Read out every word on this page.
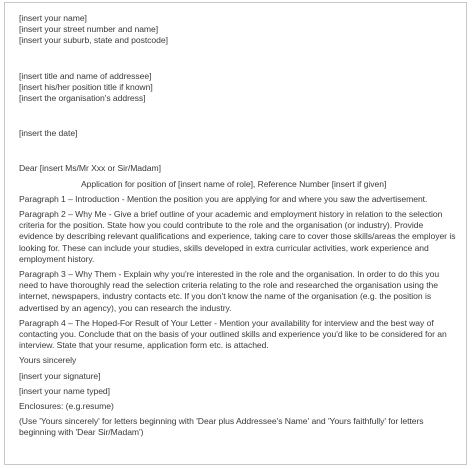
[insert your name]
[insert your street number and name]
[insert your suburb, state and postcode]
[insert title and name of addressee]
[insert his/her position title if known]
[insert the organisation's address]
[insert the date]
Dear [insert Ms/Mr Xxx or Sir/Madam]
Application for position of [insert name of role], Reference Number [insert if given]

Paragraph 1 – Introduction - Mention the position you are applying for and where you saw the advertisement.

Paragraph 2 – Why Me - Give a brief outline of your academic and employment history in relation to the selection criteria for the position. State how you could contribute to the role and the organisation (or industry). Provide evidence by describing relevant qualifications and experience, taking care to cover those skills/areas the employer is looking for. These can include your studies, skills developed in extra curricular activities, work experience and employment history.

Paragraph 3 – Why Them - Explain why you're interested in the role and the organisation. In order to do this you need to have thoroughly read the selection criteria relating to the role and researched the organisation using the internet, newspapers, industry contacts etc. If you don't know the name of the organisation (e.g. the position is advertised by an agency), you can research the industry.

Paragraph 4 – The Hoped-For Result of Your Letter - Mention your availability for interview and the best way of contacting you. Conclude that on the basis of your outlined skills and experience you'd like to be considered for an interview. State that your resume, application form etc. is attached.

Yours sincerely
[insert your signature]
[insert your name typed]
Enclosures: (e.g.resume)

(Use 'Yours sincerely' for letters beginning with 'Dear plus Addressee's Name' and 'Yours faithfully' for letters beginning with 'Dear Sir/Madam')
